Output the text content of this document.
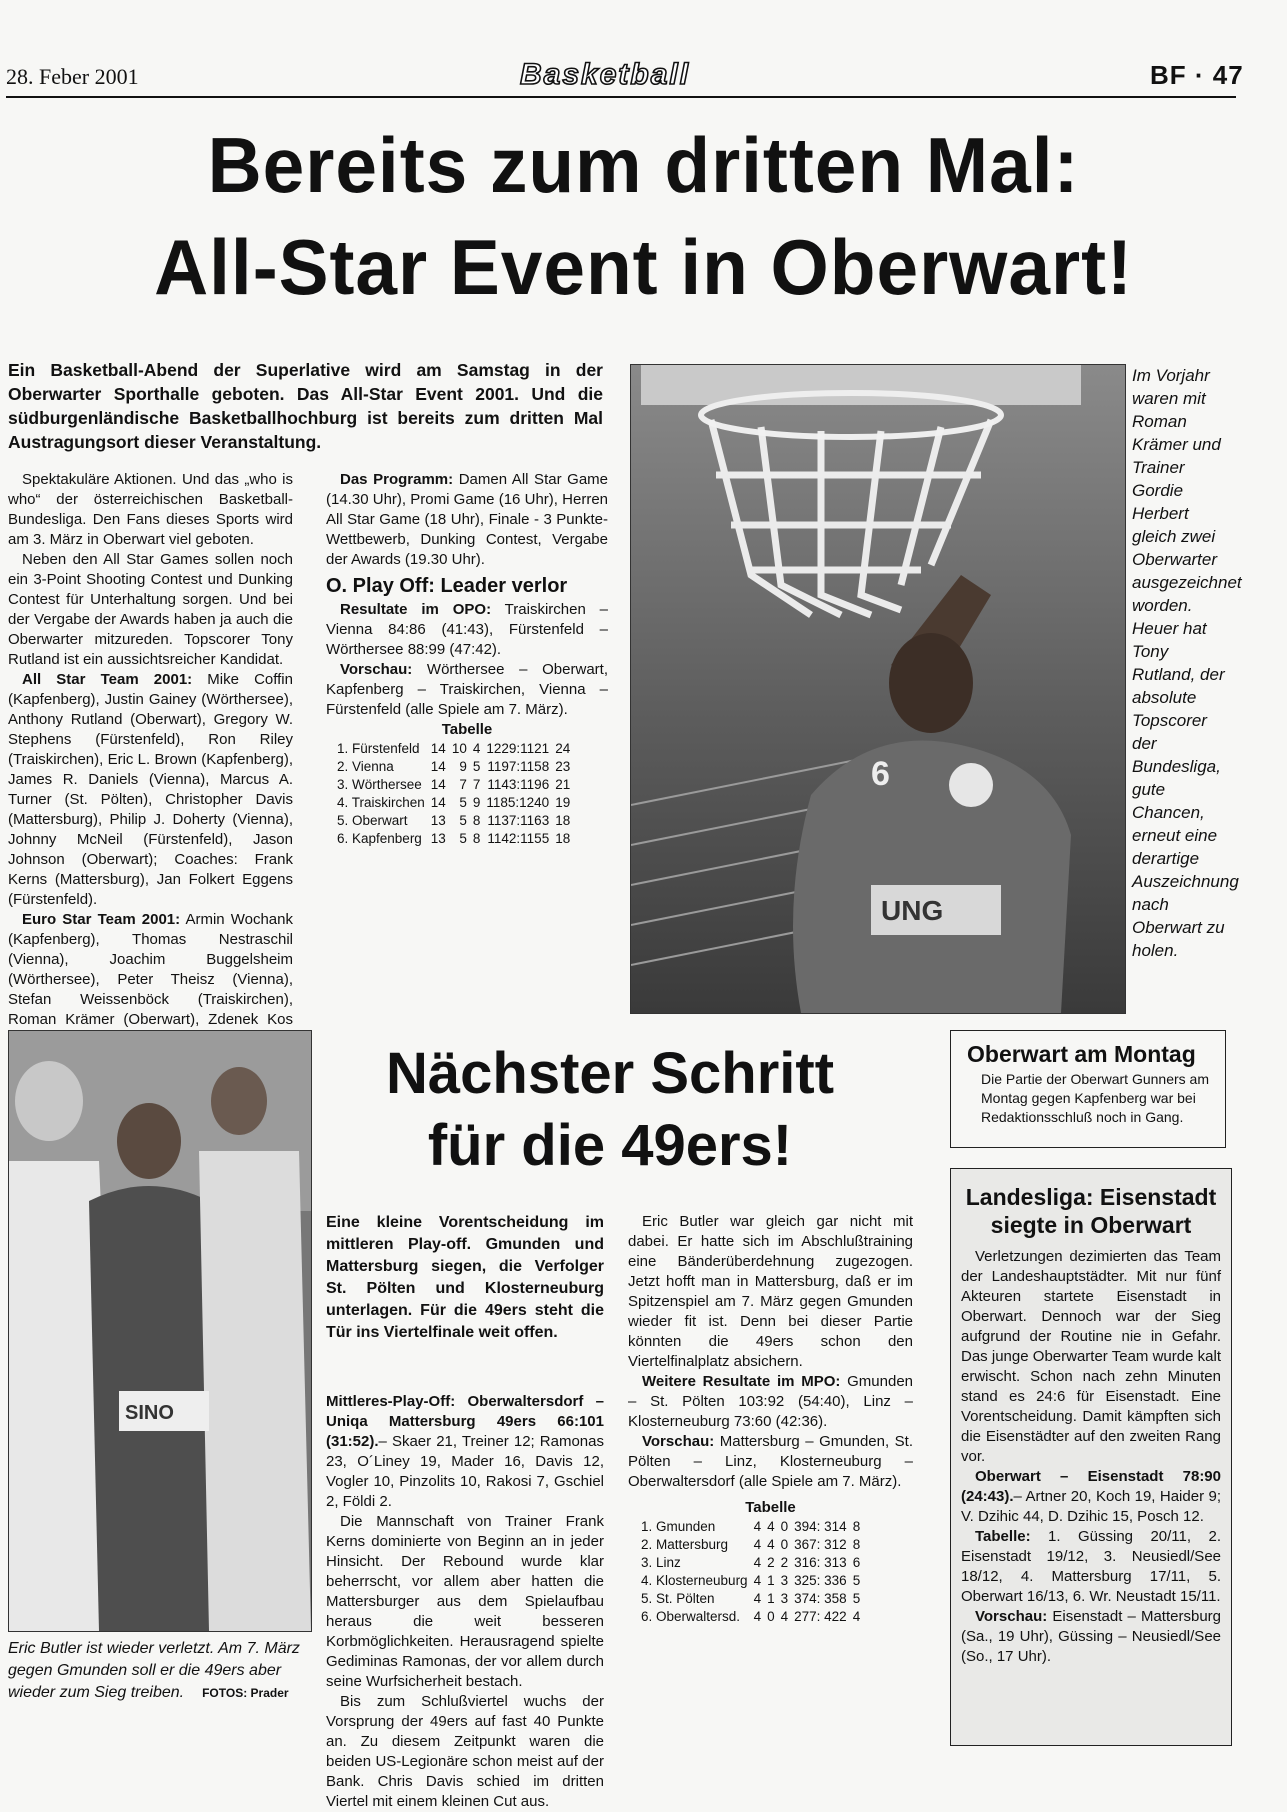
28. Feber 2001	Basketball	BF · 47
Bereits zum dritten Mal:
All-Star Event in Oberwart!
Ein Basketball-Abend der Superlative wird am Samstag in der Oberwarter Sporthalle geboten. Das All-Star Event 2001. Und die südburgenländische Basketballhochburg ist bereits zum dritten Mal Austragungsort dieser Veranstaltung.

Spektakuläre Aktionen. Und das „who is who“ der österreichischen Basketball-Bundesliga. Den Fans dieses Sports wird am 3. März in Oberwart viel geboten.

Neben den All Star Games sollen noch ein 3-Point Shooting Contest und Dunking Contest für Unterhaltung sorgen. Und bei der Vergabe der Awards haben ja auch die Oberwarter mitzureden. Topscorer Tony Rutland ist ein aussichtsreicher Kandidat.

All Star Team 2001: Mike Coffin (Kapfenberg), Justin Gainey (Wörthersee), Anthony Rutland (Oberwart), Gregory W. Stephens (Fürstenfeld), Ron Riley (Traiskirchen), Eric L. Brown (Kapfenberg), James R. Daniels (Vienna), Marcus A. Turner (St. Pölten), Christopher Davis (Mattersburg), Philip J. Doherty (Vienna), Johnny McNeil (Fürstenfeld), Jason Johnson (Oberwart); Coaches: Frank Kerns (Mattersburg), Jan Folkert Eggens (Fürstenfeld).

Euro Star Team 2001: Armin Wochank (Kapfenberg), Thomas Nestraschil (Vienna), Joachim Buggelsheim (Wörthersee), Peter Theisz (Vienna), Stefan Weissenböck (Traiskirchen), Roman Krämer (Oberwart), Zdenek Kos

Das Programm: Damen All Star Game (14.30 Uhr), Promi Game (16 Uhr), Herren All Star Game (18 Uhr), Finale - 3 Punkte-Wettbewerb, Dunking Contest, Vergabe der Awards (19.30 Uhr).

O. Play Off: Leader verlor

Resultate im OPO: Traiskirchen – Vienna 84:86 (41:43), Fürstenfeld – Wörthersee 88:99 (47:42).

Vorschau: Wörthersee – Oberwart, Kapfenberg – Traiskirchen, Vienna – Fürstenfeld (alle Spiele am 7. März).

Tabelle
1. Fürstenfeld	14	10	4	1229:1121	24
2. Vienna	14	9	5	1197:1158	23
3. Wörthersee	14	7	7	1143:1196	21
4. Traiskirchen	14	5	9	1185:1240	19
5. Oberwart	13	5	8	1137:1163	18
6. Kapfenberg	13	5	8	1142:1155	18
6
UNG
Im Vorjahr waren mit Roman Krämer und Trainer Gordie Herbert gleich zwei Oberwarter ausgezeichnet worden. Heuer hat Tony Rutland, der absolute Topscorer der Bundesliga, gute Chancen, erneut eine derartige Auszeichnung nach Oberwart zu holen.
SINO
Eric Butler ist wieder verletzt. Am 7. März gegen Gmunden soll er die 49ers aber wieder zum Sieg treiben. FOTOS: Prader
Nächster Schritt
für die 49ers!
Eine kleine Vorentscheidung im mittleren Play-off. Gmunden und Mattersburg siegen, die Verfolger St. Pölten und Klosterneuburg unterlagen. Für die 49ers steht die Tür ins Viertelfinale weit offen.

Mittleres-Play-Off: Oberwaltersdorf – Uniqa Mattersburg 49ers 66:101 (31:52).– Skaer 21, Treiner 12; Ramonas 23, O´Liney 19, Mader 16, Davis 12, Vogler 10, Pinzolits 10, Rakosi 7, Gschiel 2, Földi 2.

Die Mannschaft von Trainer Frank Kerns dominierte von Beginn an in jeder Hinsicht. Der Rebound wurde klar beherrscht, vor allem aber hatten die Mattersburger aus dem Spielaufbau heraus die weit besseren Korbmöglichkeiten. Herausragend spielte Gediminas Ramonas, der vor allem durch seine Wurfsicherheit bestach.

Bis zum Schlußviertel wuchs der Vorsprung der 49ers auf fast 40 Punkte an. Zu diesem Zeitpunkt waren die beiden US-Legionäre schon meist auf der Bank. Chris Davis schied im dritten Viertel mit einem kleinen Cut aus.

Eric Butler war gleich gar nicht mit dabei. Er hatte sich im Abschlußtraining eine Bänderüberdehnung zugezogen. Jetzt hofft man in Mattersburg, daß er im Spitzenspiel am 7. März gegen Gmunden wieder fit ist. Denn bei dieser Partie könnten die 49ers schon den Viertelfinalplatz absichern.

Weitere Resultate im MPO: Gmunden – St. Pölten 103:92 (54:40), Linz – Klosterneuburg 73:60 (42:36).

Vorschau: Mattersburg – Gmunden, St. Pölten – Linz, Klosterneuburg – Oberwaltersdorf (alle Spiele am 7. März).

Tabelle
1. Gmunden	4	4	0	394: 314	8
2. Mattersburg	4	4	0	367: 312	8
3. Linz	4	2	2	316: 313	6
4. Klosterneuburg	4	1	3	325: 336	5
5. St. Pölten	4	1	3	374: 358	5
6. Oberwaltersd.	4	0	4	277: 422	4
Oberwart am Montag
Die Partie der Oberwart Gunners am Montag gegen Kapfenberg war bei Redaktionsschluß noch in Gang.
Landesliga: Eisenstadt siegte in Oberwart

Verletzungen dezimierten das Team der Landeshauptstädter. Mit nur fünf Akteuren startete Eisenstadt in Oberwart. Dennoch war der Sieg aufgrund der Routine nie in Gefahr. Das junge Oberwarter Team wurde kalt erwischt. Schon nach zehn Minuten stand es 24:6 für Eisenstadt. Eine Vorentscheidung. Damit kämpften sich die Eisenstädter auf den zweiten Rang vor.

Oberwart – Eisenstadt 78:90 (24:43).– Artner 20, Koch 19, Haider 9; V. Dzihic 44, D. Dzihic 15, Posch 12.

Tabelle: 1. Güssing 20/11, 2. Eisenstadt 19/12, 3. Neusiedl/See 18/12, 4. Mattersburg 17/11, 5. Oberwart 16/13, 6. Wr. Neustadt 15/11.

Vorschau: Eisenstadt – Mattersburg (Sa., 19 Uhr), Güssing – Neusiedl/See (So., 17 Uhr).
